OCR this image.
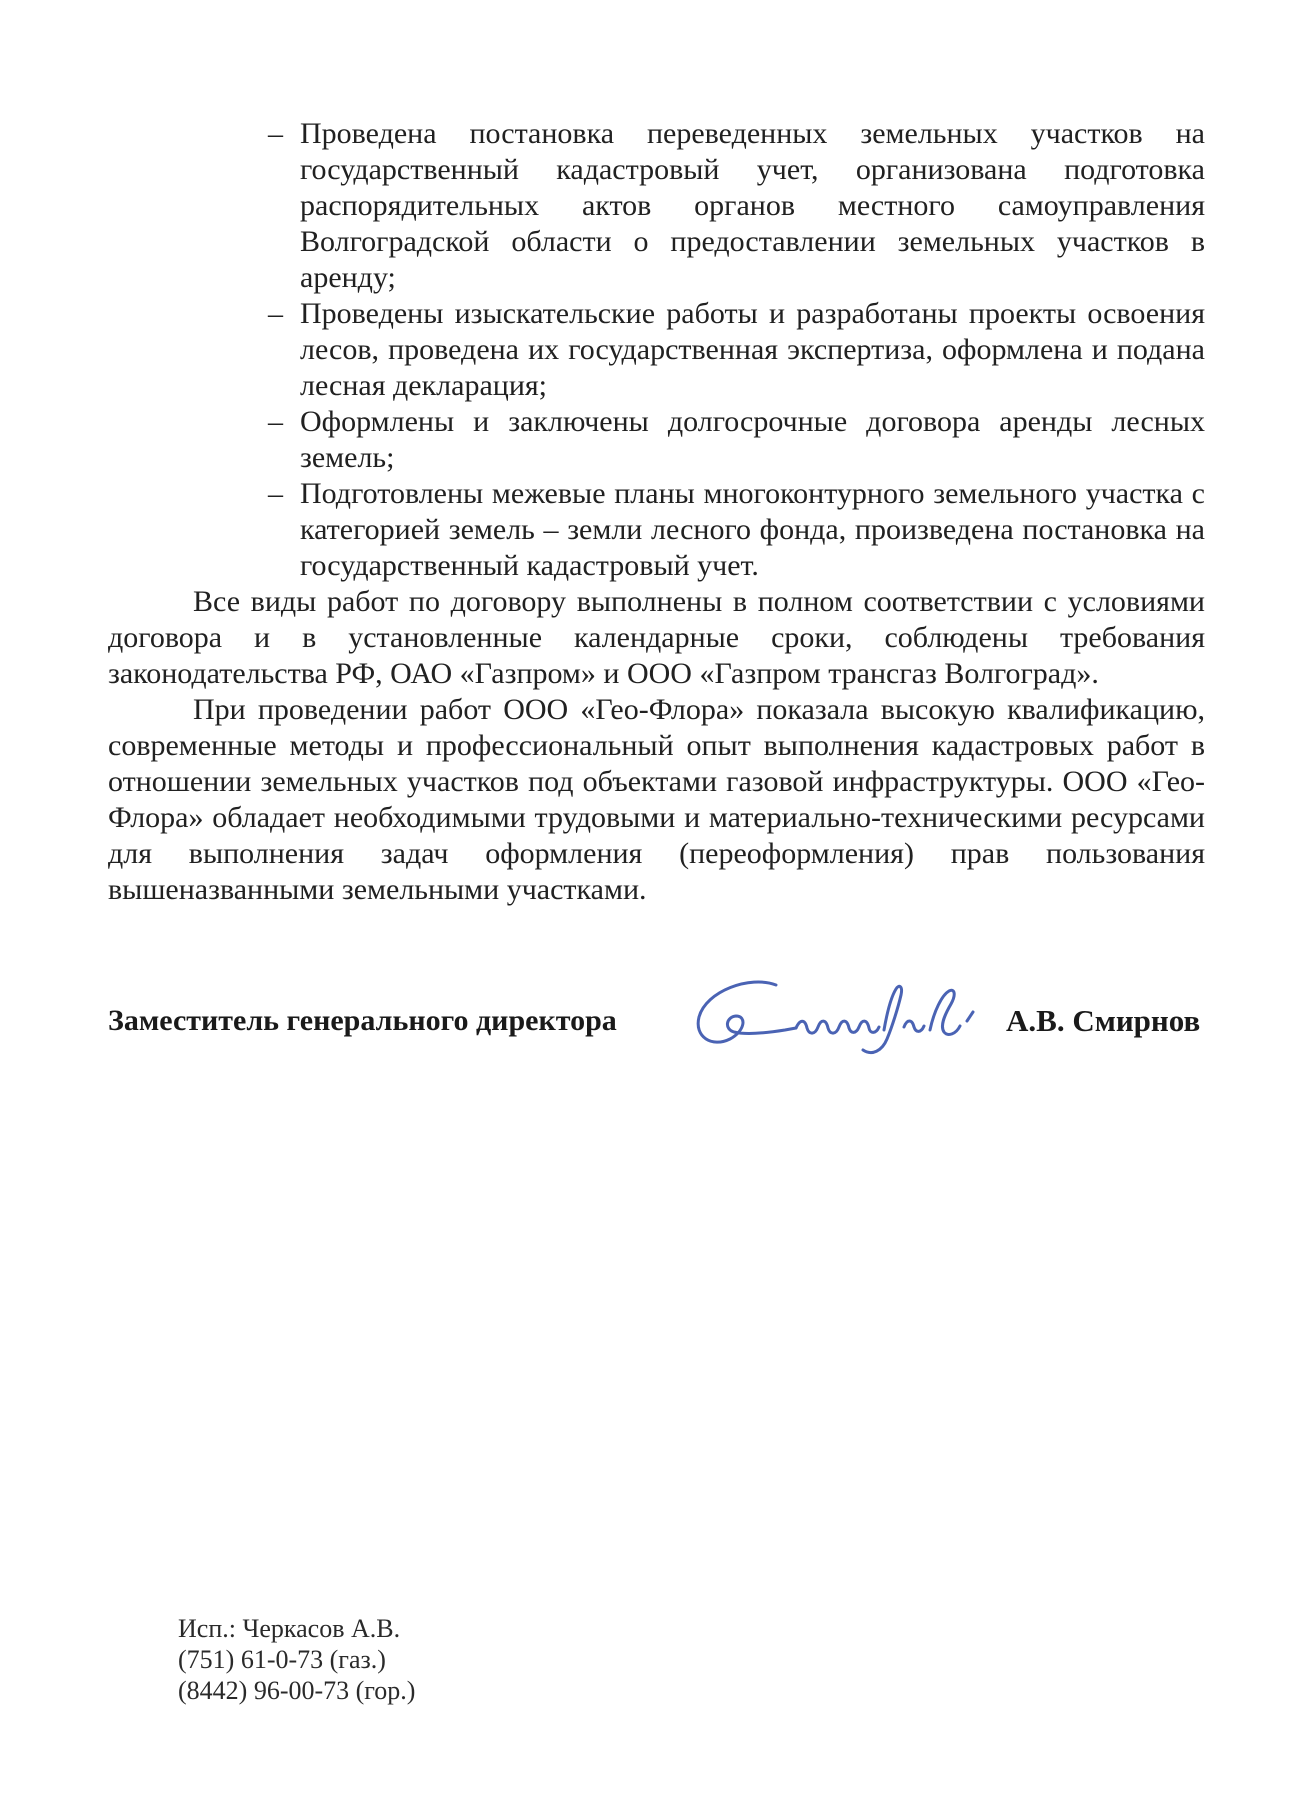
– Проведена постановка переведенных земельных участков на государственный кадастровый учет, организована подготовка распорядительных актов органов местного самоуправления Волгоградской области о предоставлении земельных участков в аренду;
– Проведены изыскательские работы и разработаны проекты освоения лесов, проведена их государственная экспертиза, оформлена и подана лесная декларация;
– Оформлены и заключены долгосрочные договора аренды лесных земель;
– Подготовлены межевые планы многоконтурного земельного участка с категорией земель – земли лесного фонда, произведена постановка на государственный кадастровый учет.

Все виды работ по договору выполнены в полном соответствии с условиями договора и в установленные календарные сроки, соблюдены требования законодательства РФ, ОАО «Газпром» и ООО «Газпром трансгаз Волгоград».

При проведении работ ООО «Гео-Флора» показала высокую квалификацию, современные методы и профессиональный опыт выполнения кадастровых работ в отношении земельных участков под объектами газовой инфраструктуры. ООО «Гео-Флора» обладает необходимыми трудовыми и материально-техническими ресурсами для выполнения задач оформления (переоформления) прав пользования вышеназванными земельными участками.

Заместитель генерального директора	А.В. Смирнов
Исп.: Черкасов А.В.
(751) 61-0-73 (газ.)
(8442) 96-00-73 (гор.)
